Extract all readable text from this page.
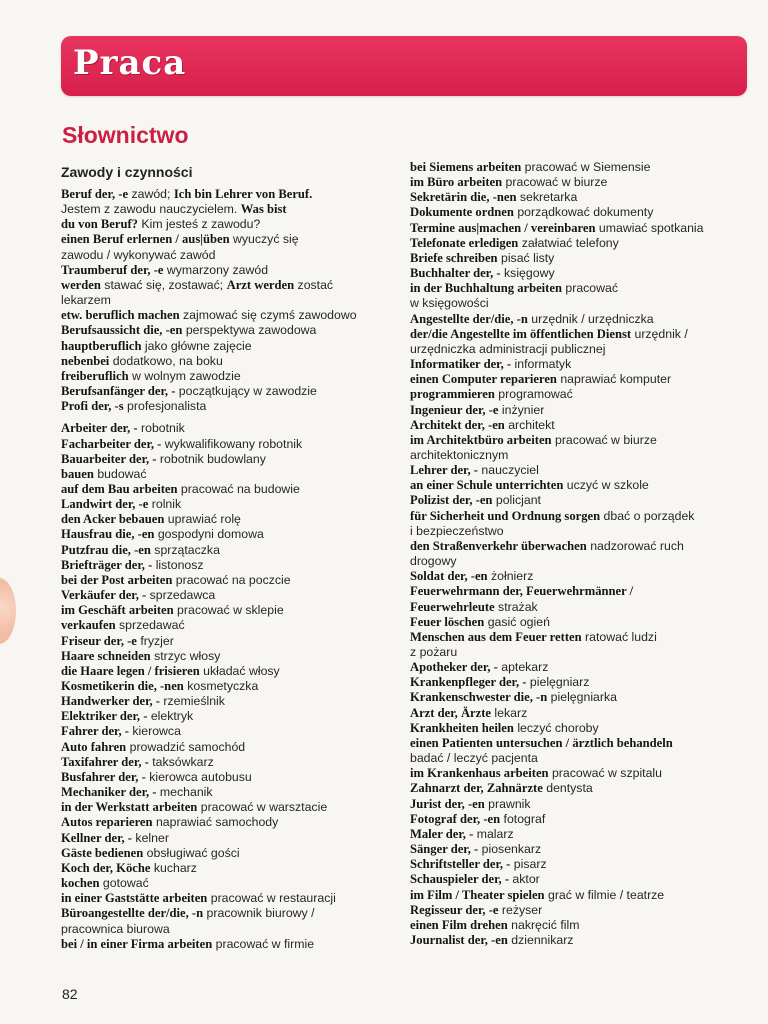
Praca
Słownictwo
Zawody i czynności
Beruf der, -e zawód; Ich bin Lehrer von Beruf.
Jestem z zawodu nauczycielem. Was bist
du von Beruf? Kim jesteś z zawodu?
einen Beruf erlernen / aus|üben wyuczyć się
zawodu / wykonywać zawód
Traumberuf der, -e wymarzony zawód
werden stawać się, zostawać; Arzt werden zostać
lekarzem
etw. beruflich machen zajmować się czymś zawodowo
Berufsaussicht die, -en perspektywa zawodowa
hauptberuflich jako główne zajęcie
nebenbei dodatkowo, na boku
freiberuflich w wolnym zawodzie
Berufsanfänger der, - początkujący w zawodzie
Profi der, -s profesjonalista
Arbeiter der, - robotnik
Facharbeiter der, - wykwalifikowany robotnik
Bauarbeiter der, - robotnik budowlany
bauen budować
auf dem Bau arbeiten pracować na budowie
Landwirt der, -e rolnik
den Acker bebauen uprawiać rolę
Hausfrau die, -en gospodyni domowa
Putzfrau die, -en sprzątaczka
Briefträger der, - listonosz
bei der Post arbeiten pracować na poczcie
Verkäufer der, - sprzedawca
im Geschäft arbeiten pracować w sklepie
verkaufen sprzedawać
Friseur der, -e fryzjer
Haare schneiden strzyc włosy
die Haare legen / frisieren układać włosy
Kosmetikerin die, -nen kosmetyczka
Handwerker der, - rzemieślnik
Elektriker der, - elektryk
Fahrer der, - kierowca
Auto fahren prowadzić samochód
Taxifahrer der, - taksówkarz
Busfahrer der, - kierowca autobusu
Mechaniker der, - mechanik
in der Werkstatt arbeiten pracować w warsztacie
Autos reparieren naprawiać samochody
Kellner der, - kelner
Gäste bedienen obsługiwać gości
Koch der, Köche kucharz
kochen gotować
in einer Gaststätte arbeiten pracować w restauracji
Büroangestellte der/die, -n pracownik biurowy /
pracownica biurowa
bei / in einer Firma arbeiten pracować w firmie
bei Siemens arbeiten pracować w Siemensie
im Büro arbeiten pracować w biurze
Sekretärin die, -nen sekretarka
Dokumente ordnen porządkować dokumenty
Termine aus|machen / vereinbaren umawiać spotkania
Telefonate erledigen załatwiać telefony
Briefe schreiben pisać listy
Buchhalter der, - księgowy
in der Buchhaltung arbeiten pracować
w księgowości
Angestellte der/die, -n urzędnik / urzędniczka
der/die Angestellte im öffentlichen Dienst urzędnik /
urzędniczka administracji publicznej
Informatiker der, - informatyk
einen Computer reparieren naprawiać komputer
programmieren programować
Ingenieur der, -e inżynier
Architekt der, -en architekt
im Architektbüro arbeiten pracować w biurze
architektonicznym
Lehrer der, - nauczyciel
an einer Schule unterrichten uczyć w szkole
Polizist der, -en policjant
für Sicherheit und Ordnung sorgen dbać o porządek
i bezpieczeństwo
den Straßenverkehr überwachen nadzorować ruch
drogowy
Soldat der, -en żołnierz
Feuerwehrmann der, Feuerwehrmänner /
Feuerwehrleute strażak
Feuer löschen gasić ogień
Menschen aus dem Feuer retten ratować ludzi
z pożaru
Apotheker der, - aptekarz
Krankenpfleger der, - pielęgniarz
Krankenschwester die, -n pielęgniarka
Arzt der, Ärzte lekarz
Krankheiten heilen leczyć choroby
einen Patienten untersuchen / ärztlich behandeln
badać / leczyć pacjenta
im Krankenhaus arbeiten pracować w szpitalu
Zahnarzt der, Zahnärzte dentysta
Jurist der, -en prawnik
Fotograf der, -en fotograf
Maler der, - malarz
Sänger der, - piosenkarz
Schriftsteller der, - pisarz
Schauspieler der, - aktor
im Film / Theater spielen grać w filmie / teatrze
Regisseur der, -e reżyser
einen Film drehen nakręcić film
Journalist der, -en dziennikarz
82
